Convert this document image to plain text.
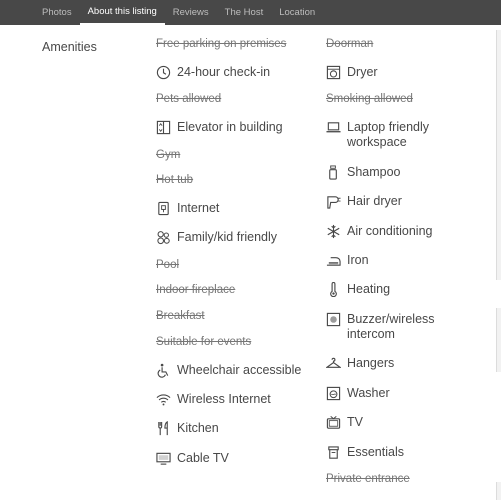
Photos	About this listing	Reviews	The Host	Location
Amenities	Free parking on premises
24-hour check-in
Pets allowed
Elevator in building
Gym
Hot tub
Internet
Family/kid friendly
Pool
Indoor fireplace
Breakfast
Suitable for events
Wheelchair accessible
Wireless Internet
Kitchen
Cable TV
Doorman
Dryer
Smoking allowed
Laptop friendly workspace
Shampoo
Hair dryer
Air conditioning
Iron
Heating
Buzzer/wireless intercom
Hangers
Washer
TV
Essentials
Private entrance
